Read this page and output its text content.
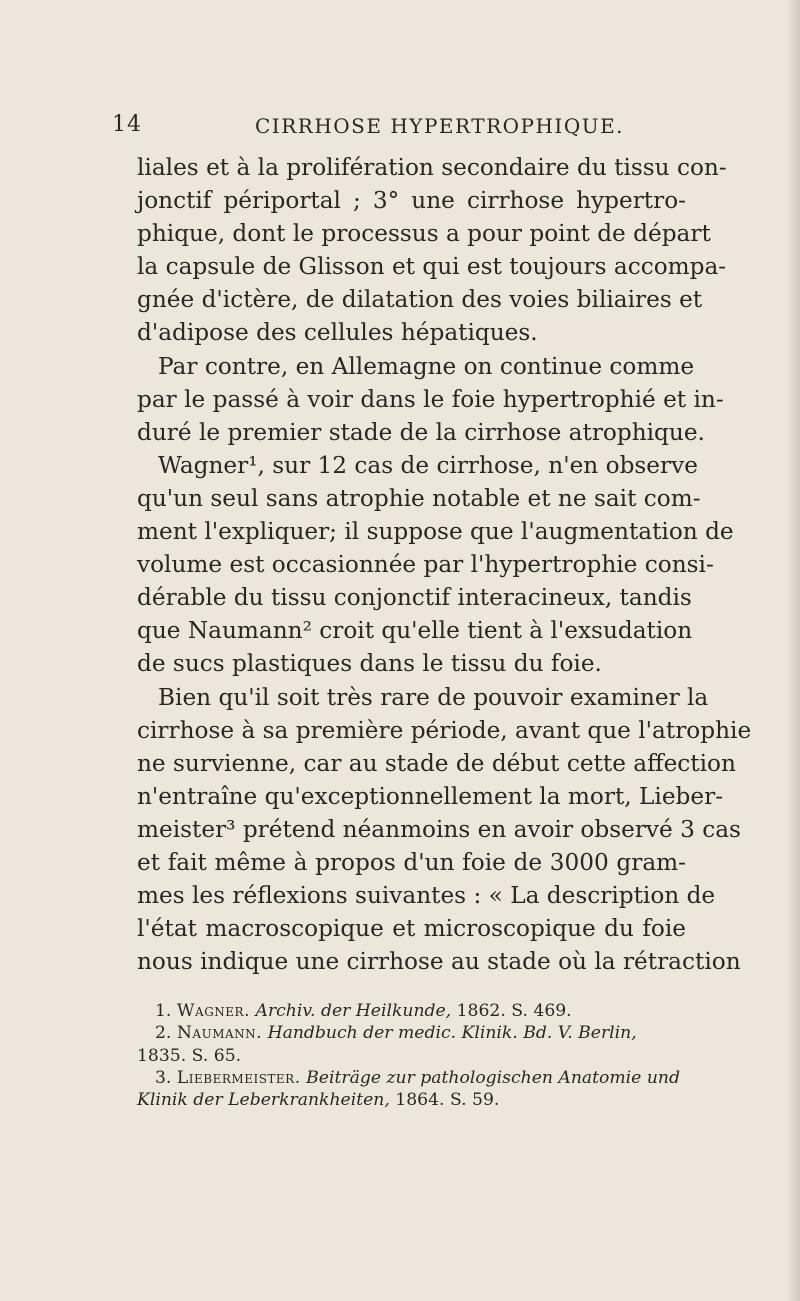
14	CIRRHOSE HYPERTROPHIQUE.
liales et à la prolifération secondaire du tissu con-
jonctif périportal ; 3° une cirrhose hypertro-
phique, dont le processus a pour point de départ
la capsule de Glisson et qui est toujours accompa-
gnée d'ictère, de dilatation des voies biliaires et
d'adipose des cellules hépatiques.
Par contre, en Allemagne on continue comme
par le passé à voir dans le foie hypertrophié et in-
duré le premier stade de la cirrhose atrophique.
Wagner¹, sur 12 cas de cirrhose, n'en observe
qu'un seul sans atrophie notable et ne sait com-
ment l'expliquer; il suppose que l'augmentation de
volume est occasionnée par l'hypertrophie consi-
dérable du tissu conjonctif interacineux, tandis
que Naumann² croit qu'elle tient à l'exsudation
de sucs plastiques dans le tissu du foie.
Bien qu'il soit très rare de pouvoir examiner la
cirrhose à sa première période, avant que l'atrophie
ne survienne, car au stade de début cette affection
n'entraîne qu'exceptionnellement la mort, Lieber-
meister³ prétend néanmoins en avoir observé 3 cas
et fait même à propos d'un foie de 3000 gram-
mes les réflexions suivantes : « La description de
l'état macroscopique et microscopique du foie
nous indique une cirrhose au stade où la rétraction
1. Wagner. Archiv. der Heilkunde, 1862. S. 469.
2. Naumann. Handbuch der medic. Klinik. Bd. V. Berlin,
1835. S. 65.
3. Liebermeister. Beiträge zur pathologischen Anatomie und
Klinik der Leberkrankheiten, 1864. S. 59.
